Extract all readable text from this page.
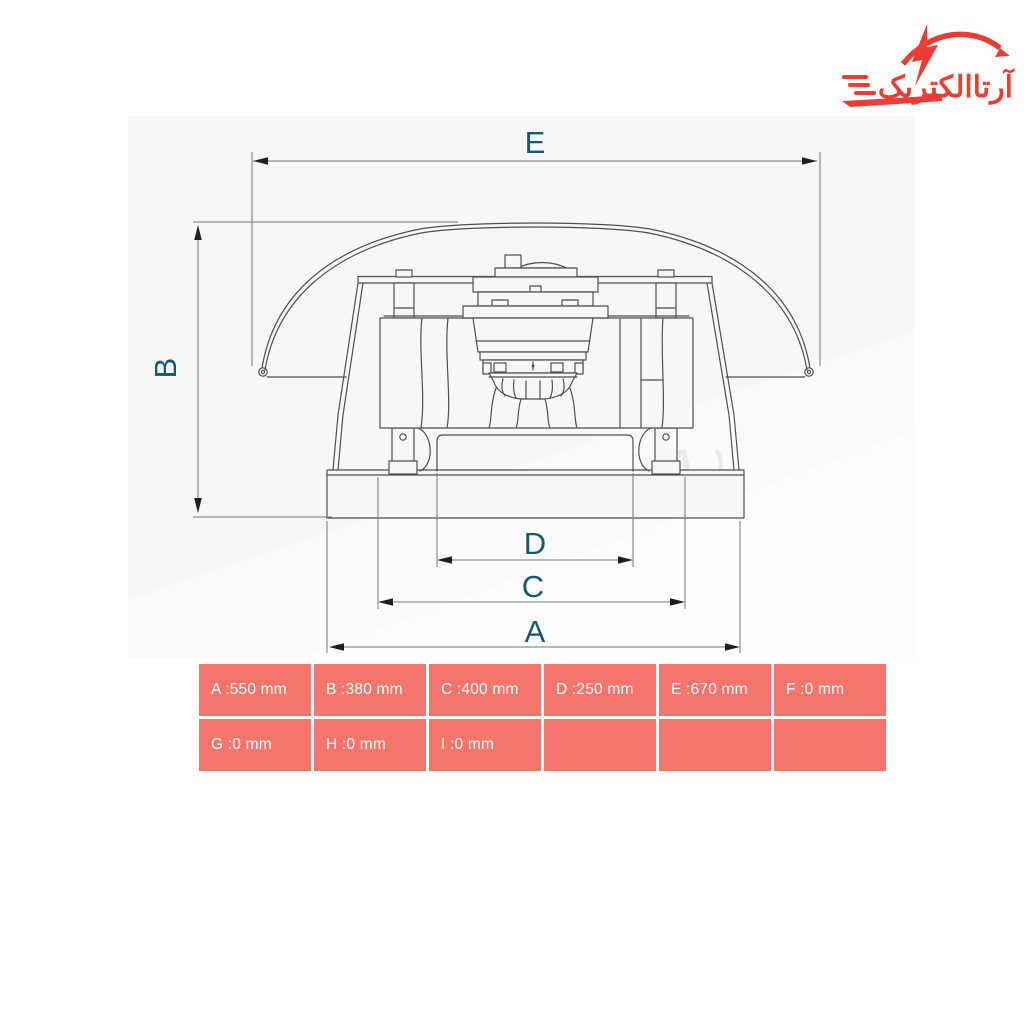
E
B
D
C
A
آرتاالکتریک
A :550 mm	B :380 mm	C :400 mm	D :250 mm	E :670 mm	F :0 mm
G :0 mm	H :0 mm	I :0 mm
